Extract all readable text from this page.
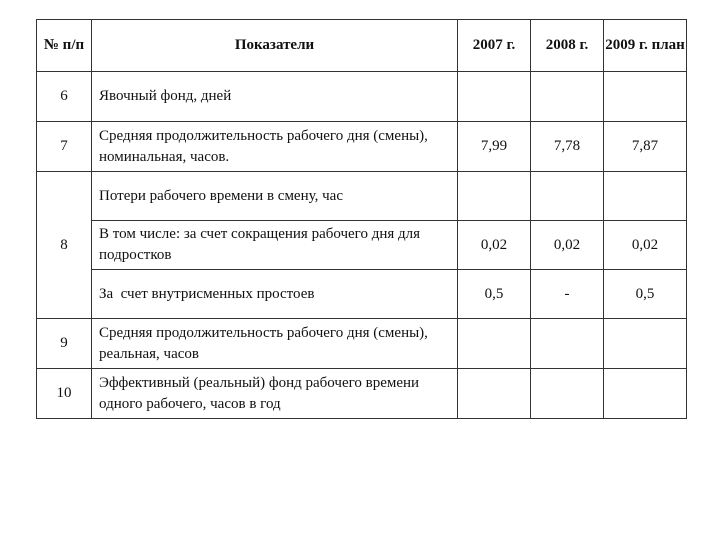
№ п/п	Показатели	2007 г.	2008 г.	2009 г. план
6	Явочный фонд, дней			
7	Средняя продолжительность рабочего дня (смены), номинальная, часов.	7,99	7,78	7,87
8	Потери рабочего времени в смену, час			
	В том числе: за счет сокращения рабочего дня для подростков	0,02	0,02	0,02
	За  счет внутрисменных простоев	0,5	-	0,5
9	Средняя продолжительность рабочего дня (смены), реальная, часов			
10	Эффективный (реальный) фонд рабочего времени одного рабочего, часов в год			
